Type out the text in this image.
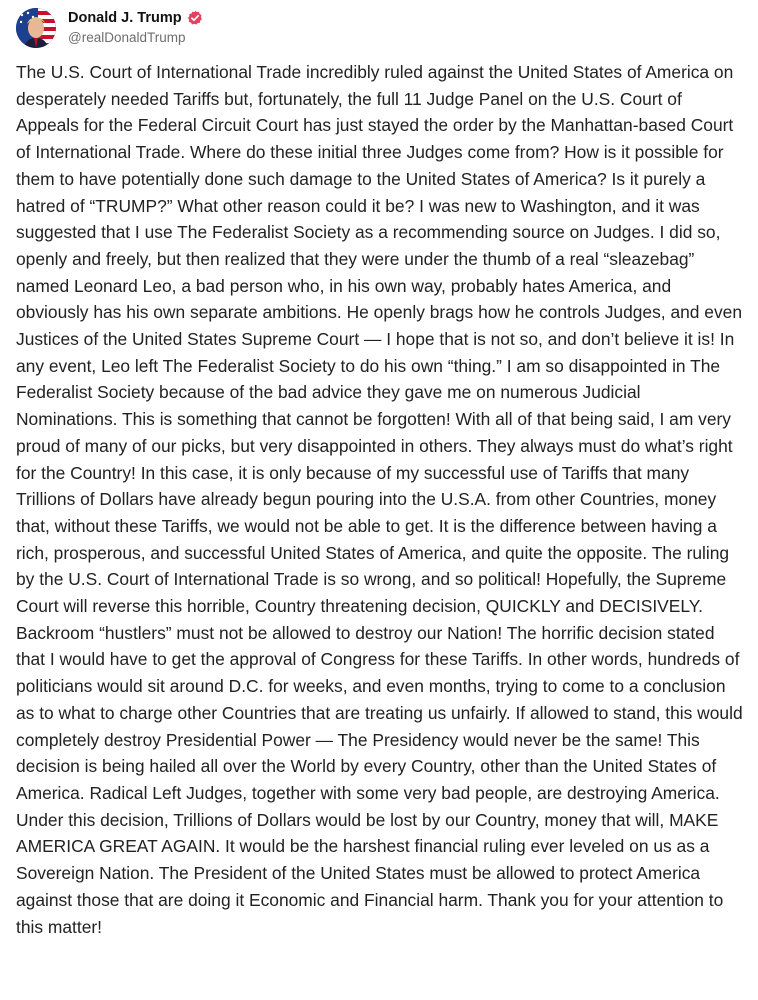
Donald J. Trump
@realDonaldTrump

The U.S. Court of International Trade incredibly ruled against the United States of America on desperately needed Tariffs but, fortunately, the full 11 Judge Panel on the U.S. Court of Appeals for the Federal Circuit Court has just stayed the order by the Manhattan-based Court of International Trade. Where do these initial three Judges come from? How is it possible for them to have potentially done such damage to the United States of America? Is it purely a hatred of “TRUMP?” What other reason could it be? I was new to Washington, and it was suggested that I use The Federalist Society as a recommending source on Judges. I did so, openly and freely, but then realized that they were under the thumb of a real “sleazebag” named Leonard Leo, a bad person who, in his own way, probably hates America, and obviously has his own separate ambitions. He openly brags how he controls Judges, and even Justices of the United States Supreme Court — I hope that is not so, and don’t believe it is! In any event, Leo left The Federalist Society to do his own “thing.” I am so disappointed in The Federalist Society because of the bad advice they gave me on numerous Judicial Nominations. This is something that cannot be forgotten! With all of that being said, I am very proud of many of our picks, but very disappointed in others. They always must do what’s right for the Country! In this case, it is only because of my successful use of Tariffs that many Trillions of Dollars have already begun pouring into the U.S.A. from other Countries, money that, without these Tariffs, we would not be able to get. It is the difference between having a rich, prosperous, and successful United States of America, and quite the opposite. The ruling by the U.S. Court of International Trade is so wrong, and so political! Hopefully, the Supreme Court will reverse this horrible, Country threatening decision, QUICKLY and DECISIVELY. Backroom “hustlers” must not be allowed to destroy our Nation! The horrific decision stated that I would have to get the approval of Congress for these Tariffs. In other words, hundreds of politicians would sit around D.C. for weeks, and even months, trying to come to a conclusion as to what to charge other Countries that are treating us unfairly. If allowed to stand, this would completely destroy Presidential Power — The Presidency would never be the same! This decision is being hailed all over the World by every Country, other than the United States of America. Radical Left Judges, together with some very bad people, are destroying America. Under this decision, Trillions of Dollars would be lost by our Country, money that will, MAKE AMERICA GREAT AGAIN. It would be the harshest financial ruling ever leveled on us as a Sovereign Nation. The President of the United States must be allowed to protect America against those that are doing it Economic and Financial harm. Thank you for your attention to this matter!
